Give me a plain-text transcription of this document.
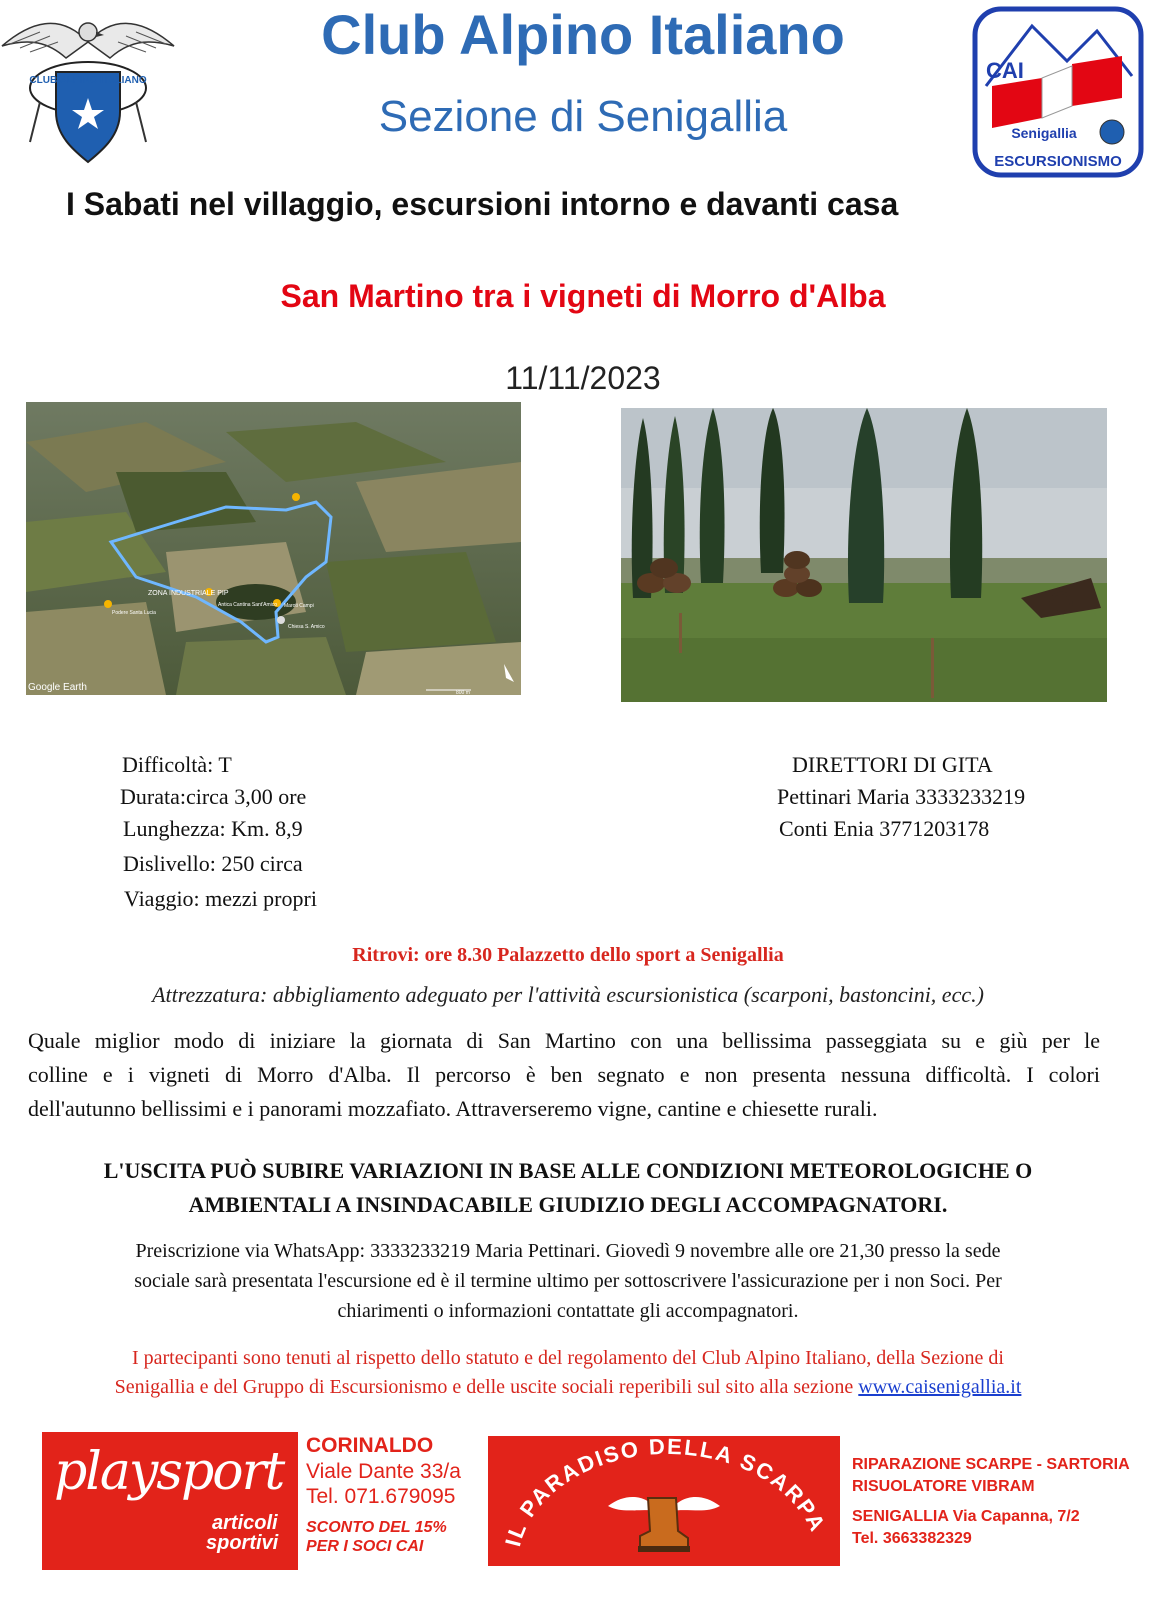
CLUB ALPINO ITALIANO
Club Alpino Italiano
Sezione di Senigallia
CAI
Senigallia
ESCURSIONISMO
I Sabati nel villaggio, escursioni intorno e davanti casa
San Martino tra i vigneti di Morro d'Alba
11/11/2023
ZONA INDUSTRIALE PIP
Antica Cantina Sant'Amico Maroti Campi
Podere Santa Lucia
Chiesa S. Amico
Google Earth	800 m
Difficoltà: T
Durata:circa 3,00 ore
Lunghezza: Km. 8,9
Dislivello: 250 circa
Viaggio: mezzi propri
DIRETTORI DI GITA
Pettinari Maria 3333233219
Conti Enia 3771203178
Ritrovi: ore 8.30 Palazzetto dello sport a Senigallia
Attrezzatura: abbigliamento adeguato per l'attività escursionistica (scarponi, bastoncini, ecc.)
Quale miglior modo di iniziare la giornata di San Martino con una bellissima passeggiata su e giù per le
colline e i vigneti di Morro d'Alba. Il percorso è ben segnato e non presenta nessuna difficoltà. I colori
dell'autunno bellissimi e i panorami mozzafiato. Attraverseremo vigne, cantine e chiesette rurali.
L'USCITA PUÒ SUBIRE VARIAZIONI IN BASE ALLE CONDIZIONI METEOROLOGICHE O
AMBIENTALI A INSINDACABILE GIUDIZIO DEGLI ACCOMPAGNATORI.
Preiscrizione via WhatsApp: 3333233219 Maria Pettinari. Giovedì 9 novembre alle ore 21,30 presso la sede
sociale sarà presentata l'escursione ed è il termine ultimo per sottoscrivere l'assicurazione per i non Soci. Per
chiarimenti o informazioni contattate gli accompagnatori.
I partecipanti sono tenuti al rispetto dello statuto e del regolamento del Club Alpino Italiano, della Sezione di
Senigallia e del Gruppo di Escursionismo e delle uscite sociali reperibili sul sito alla sezione www.caisenigallia.it
playsport
articoli
sportivi
CORINALDO
Viale Dante 33/a
Tel. 071.679095
SCONTO DEL 15%
PER I SOCI CAI	IL PARADISO DELLA SCARPA
RIPARAZIONE SCARPE - SARTORIA
RISUOLATORE VIBRAM
SENIGALLIA Via Capanna, 7/2
Tel. 3663382329
